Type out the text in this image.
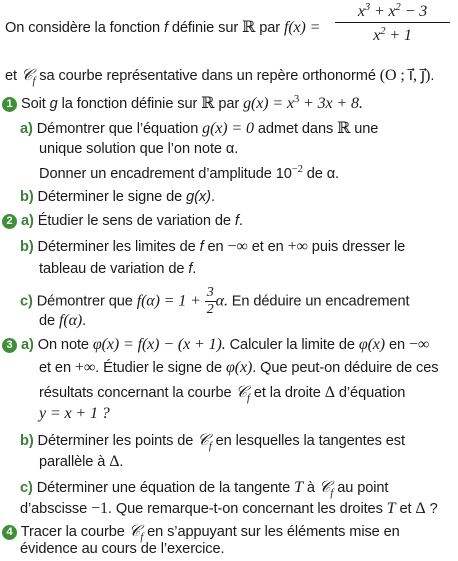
On considère la fonction f définie sur ℝ par $f(x) = \frac{x^3 + x^2 - 3}{x^2 + 1}$
et 𝒞$_f$ sa courbe représentative dans un repère orthonormé (O ; i⃗, j⃗).
1 Soit g la fonction définie sur ℝ par $g(x) = x^3 + 3x + 8$.
a) Démontrer que l’équation g(x) = 0 admet dans ℝ une
unique solution que l’on note α.
Donner un encadrement d’amplitude $10^{-2}$ de α.
b) Déterminer le signe de g(x).
2 a) Étudier le sens de variation de f.
b) Déterminer les limites de f en −∞ et en +∞ puis dresser le
tableau de variation de f.
c) Démontrer que $f(\alpha) = 1 + \frac{3}{2} \alpha$. En déduire un encadrement
de f(α).
3 a) On note φ(x) = f(x) − (x + 1). Calculer la limite de φ(x) en −∞
et en +∞. Étudier le signe de φ(x). Que peut-on déduire de ces
résultats concernant la courbe 𝒞$_f$ et la droite Δ d’équation
y = x + 1 ?
b) Déterminer les points de 𝒞$_f$ en lesquelles la tangentes est
parallèle à Δ.
c) Déterminer une équation de la tangente T à 𝒞$_f$ au point
d’abscisse −1. Que remarque-t-on concernant les droites T et Δ ?
4 Tracer la courbe 𝒞$_f$ en s’appuyant sur les éléments mise en
évidence au cours de l’exercice.
